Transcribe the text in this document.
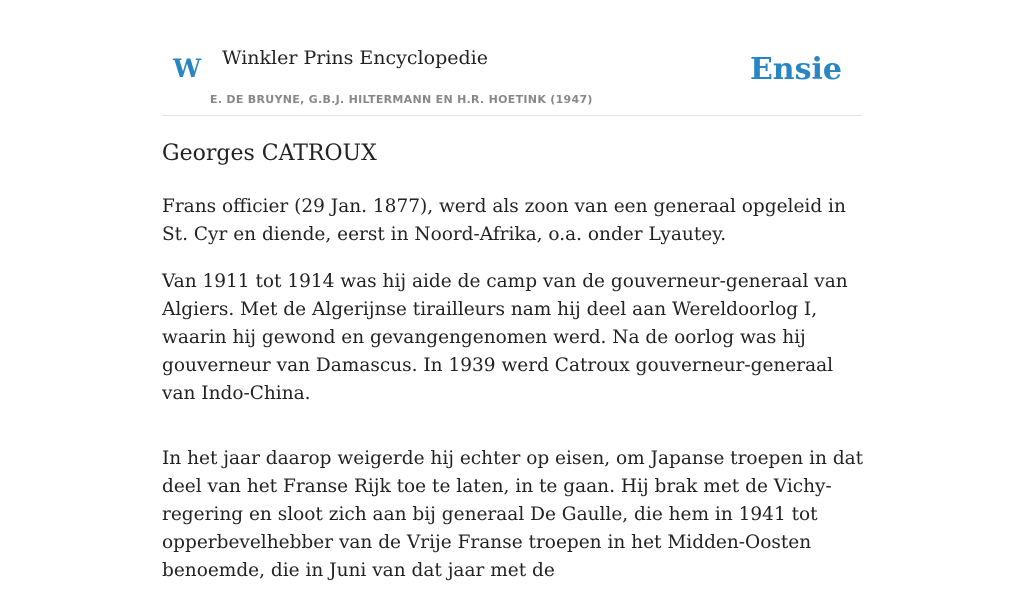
W Winkler Prins Encyclopedie
E. DE BRUYNE, G.B.J. HILTERMANN EN H.R. HOETINK (1947)
Ensie
Georges CATROUX

Frans officier (29 Jan. 1877), werd als zoon van een generaal opgeleid in St. Cyr en diende, eerst in Noord-Afrika, o.a. onder Lyautey.

Van 1911 tot 1914 was hij aide de camp van de gouverneur-generaal van Algiers. Met de Algerijnse tirailleurs nam hij deel aan Wereldoorlog I, waarin hij gewond en gevangengenomen werd. Na de oorlog was hij gouverneur van Damascus. In 1939 werd Catroux gouverneur-generaal van Indo-China.

In het jaar daarop weigerde hij echter op eisen, om Japanse troepen in dat deel van het Franse Rijk toe te laten, in te gaan. Hij brak met de Vichy-regering en sloot zich aan bij generaal De Gaulle, die hem in 1941 tot opperbevelhebber van de Vrije Franse troepen in het Midden-Oosten benoemde, die in Juni van dat jaar met de
